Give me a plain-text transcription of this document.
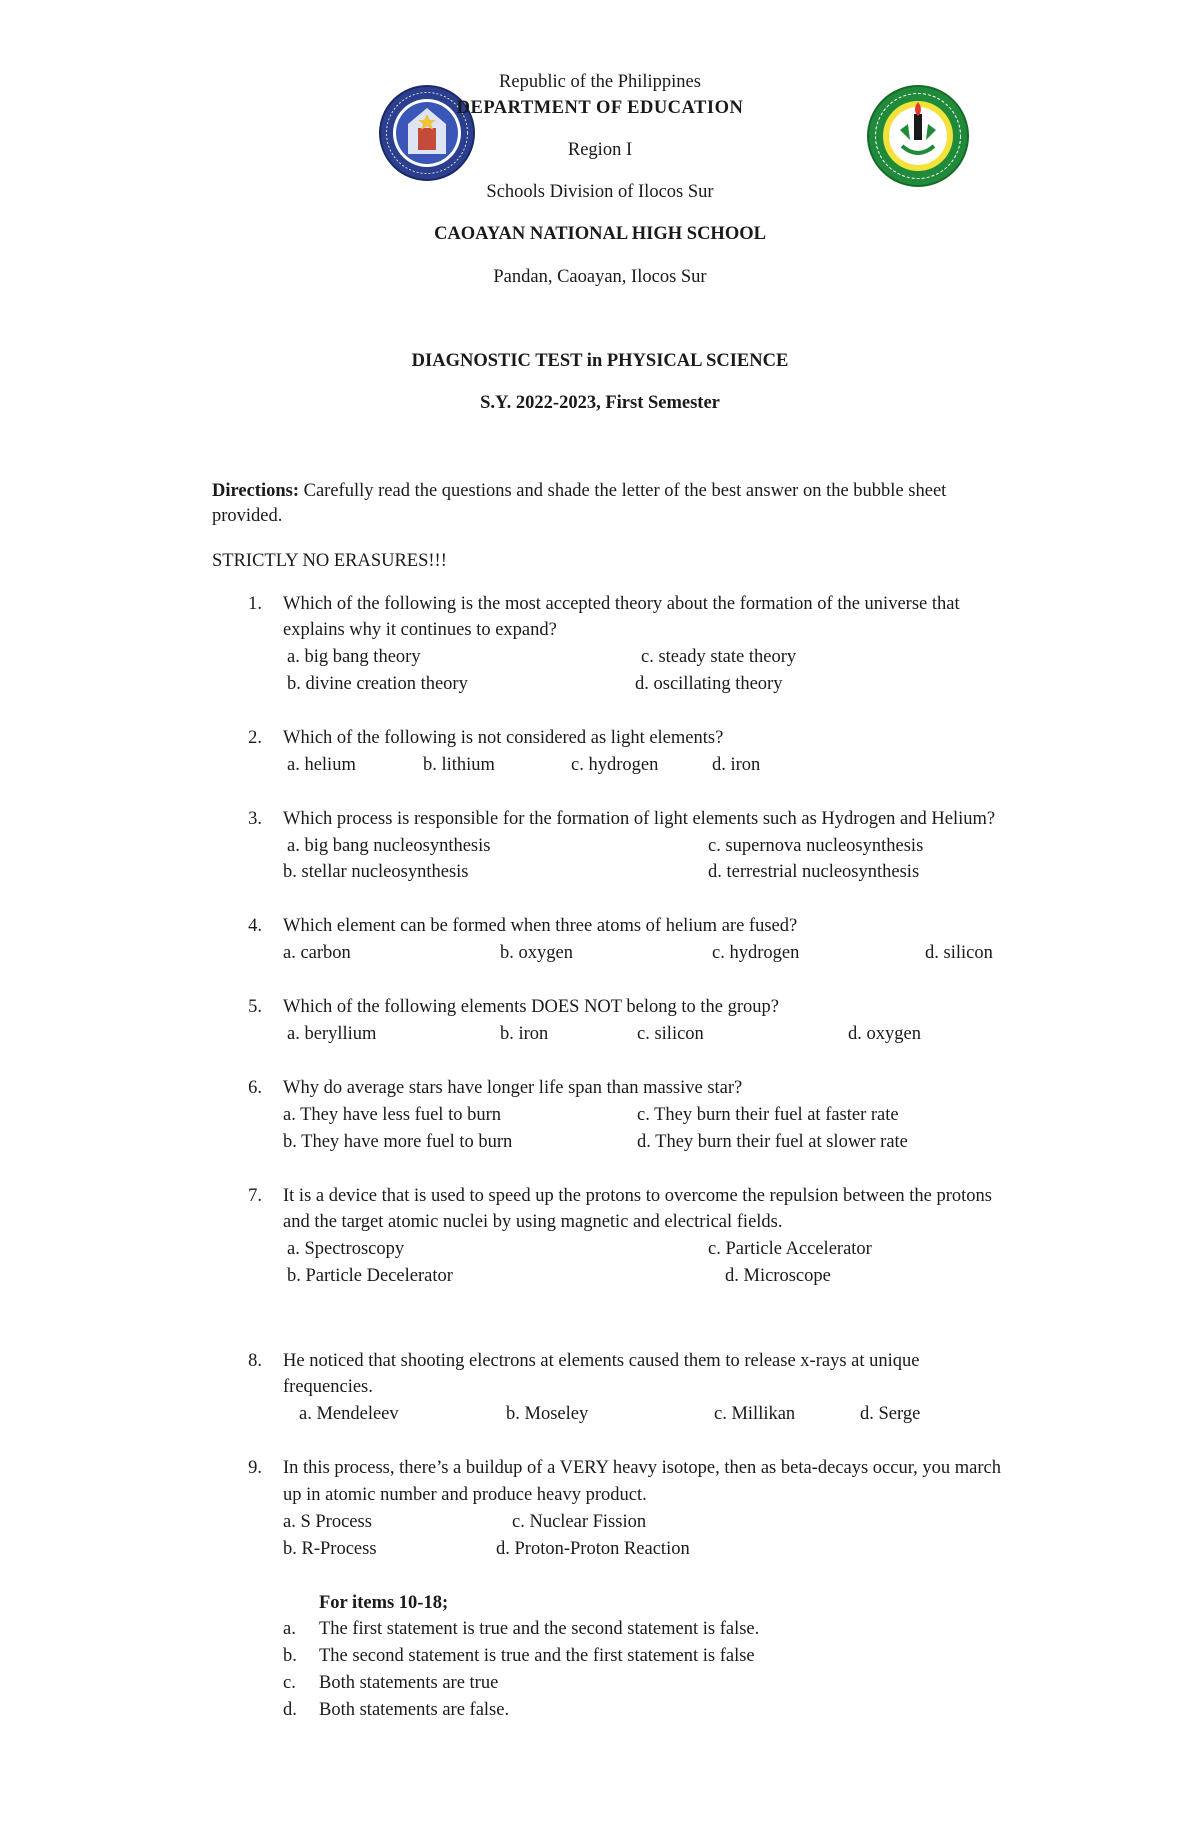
Republic of the Philippines
DEPARTMENT OF EDUCATION
Region I
Schools Division of Ilocos Sur
CAOAYAN NATIONAL HIGH SCHOOL
Pandan, Caoayan, Ilocos Sur
DIAGNOSTIC TEST in PHYSICAL SCIENCE
S.Y. 2022-2023, First Semester
Directions: Carefully read the questions and shade the letter of the best answer on the bubble sheet
provided.
STRICTLY NO ERASURES!!!
1. Which of the following is the most accepted theory about the formation of the universe that
explains why it continues to expand?
a. big bang theory	c. steady state theory
b. divine creation theory	d. oscillating theory
2. Which of the following is not considered as light elements?
a. helium	b. lithium	c. hydrogen	d. iron
3. Which process is responsible for the formation of light elements such as Hydrogen and Helium?
a. big bang nucleosynthesis	c. supernova nucleosynthesis
b. stellar nucleosynthesis	d. terrestrial nucleosynthesis
4. Which element can be formed when three atoms of helium are fused?
a. carbon	b. oxygen	c. hydrogen	d. silicon
5. Which of the following elements DOES NOT belong to the group?
a. beryllium	b. iron	c. silicon	d. oxygen
6. Why do average stars have longer life span than massive star?
a. They have less fuel to burn	c. They burn their fuel at faster rate
b. They have more fuel to burn	d. They burn their fuel at slower rate
7. It is a device that is used to speed up the protons to overcome the repulsion between the protons
and the target atomic nuclei by using magnetic and electrical fields.
a. Spectroscopy	c. Particle Accelerator
b. Particle Decelerator	d. Microscope
8. He noticed that shooting electrons at elements caused them to release x-rays at unique
frequencies.
a. Mendeleev	b. Moseley	c. Millikan	d. Serge
9. In this process, there’s a buildup of a VERY heavy isotope, then as beta-decays occur, you march
up in atomic number and produce heavy product.
a. S Process	c. Nuclear Fission
b. R-Process	d. Proton-Proton Reaction
For items 10-18;
a. The first statement is true and the second statement is false.
b. The second statement is true and the first statement is false
c. Both statements are true
d. Both statements are false.
